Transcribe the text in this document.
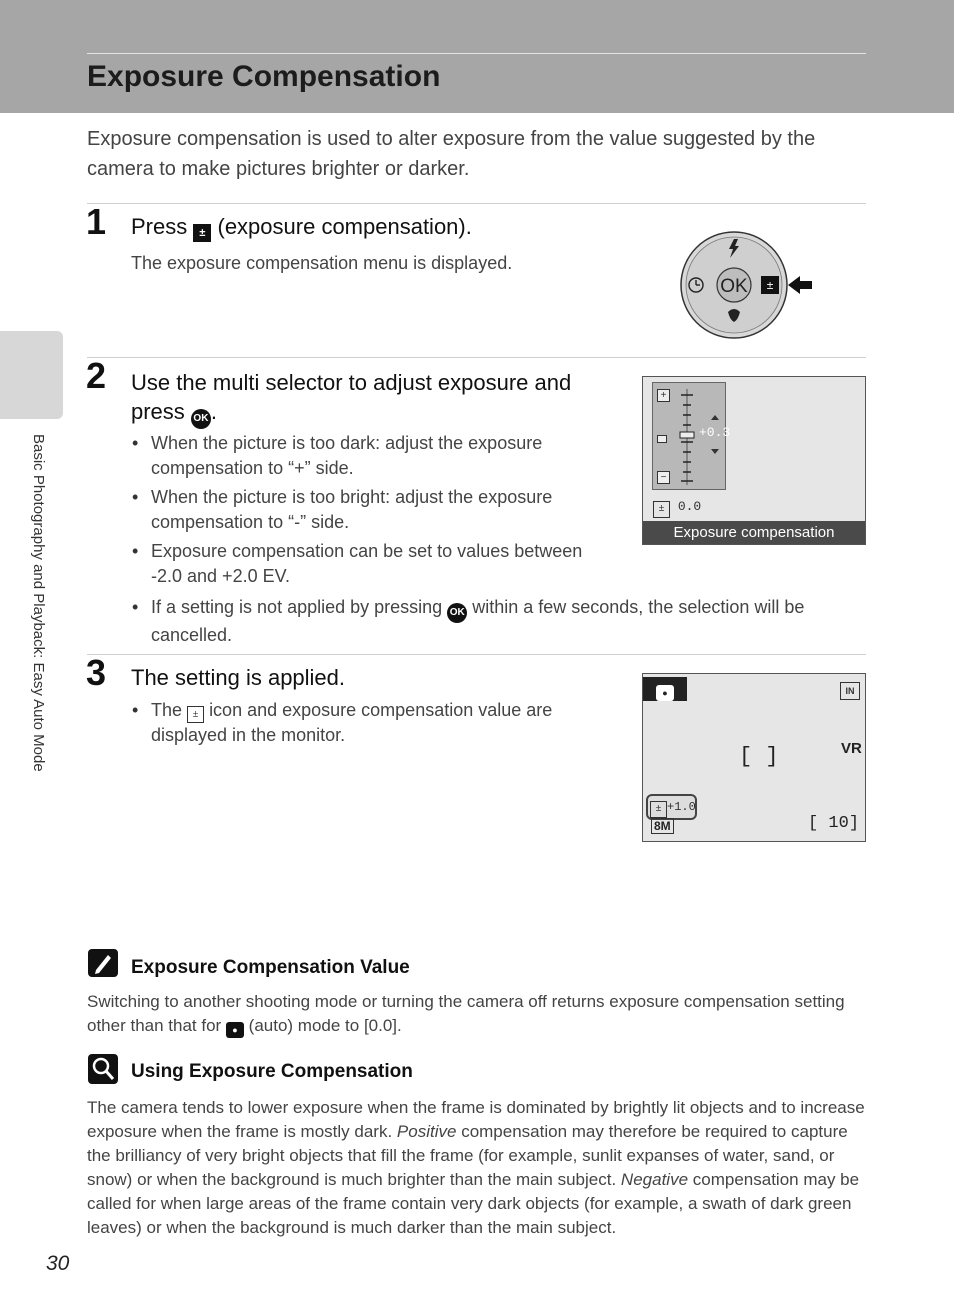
Exposure Compensation
Exposure compensation is used to alter exposure from the value suggested by the camera to make pictures brighter or darker.
Basic Photography and Playback: Easy Auto Mode
1 Press ± (exposure compensation).
The exposure compensation menu is displayed.
OK ±
2 Use the multi selector to adjust exposure and
press OK .
• When the picture is too dark: adjust the exposure compensation to “+” side.
• When the picture is too bright: adjust the exposure compensation to “-” side.
• Exposure compensation can be set to values between -2.0 and +2.0 EV.
• If a setting is not applied by pressing OK within a few seconds, the selection will be cancelled.
+
−
+0.3
± 0.0
Exposure compensation
3 The setting is applied.
• The ± icon and exposure compensation value are displayed in the monitor.
●	IN
[ ]	VR
± +1.0
8M	[ 10]
Exposure Compensation Value
Switching to another shooting mode or turning the camera off returns exposure compensation setting other than that for ● (auto) mode to [0.0].
Using Exposure Compensation
The camera tends to lower exposure when the frame is dominated by brightly lit objects and to increase exposure when the frame is mostly dark. Positive compensation may therefore be required to capture the brilliancy of very bright objects that fill the frame (for example, sunlit expanses of water, sand, or snow) or when the background is much brighter than the main subject. Negative compensation may be called for when large areas of the frame contain very dark objects (for example, a swath of dark green leaves) or when the background is much darker than the main subject.
30
